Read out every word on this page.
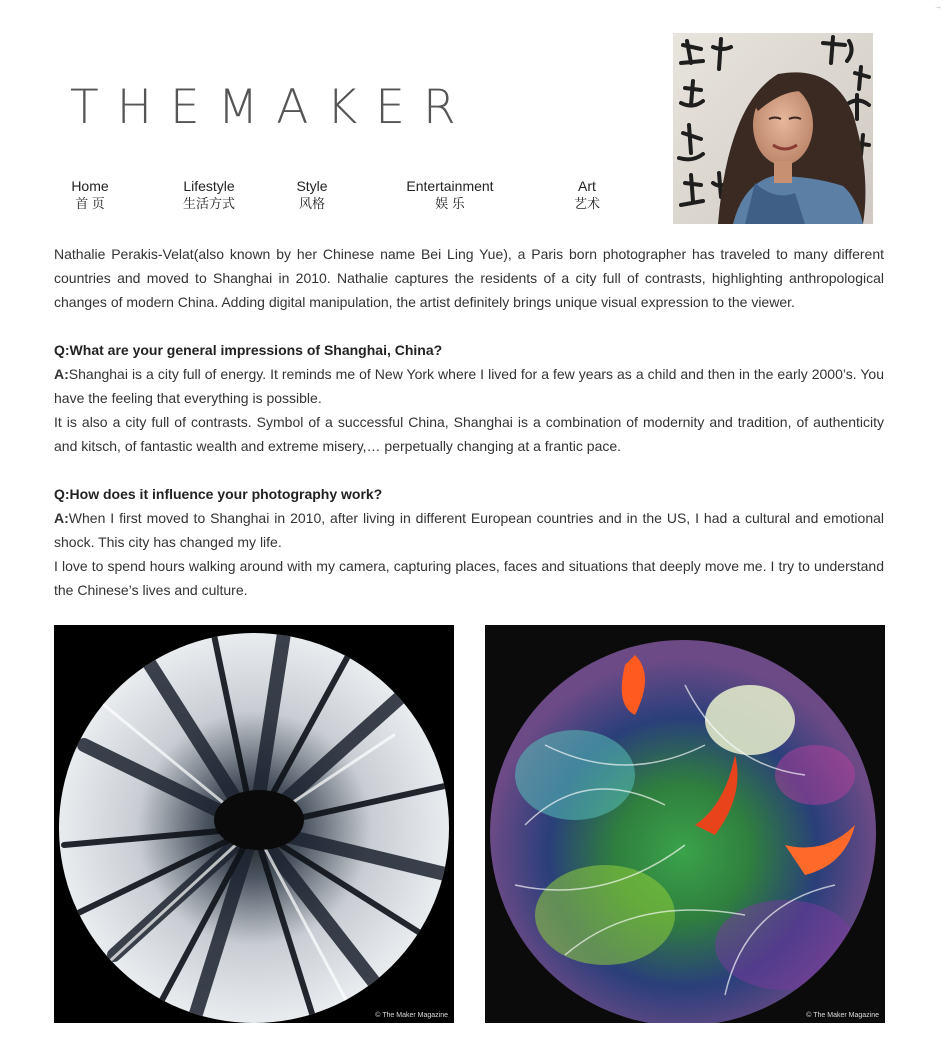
→
THEMAKER
Home
首 页
Lifestyle
生活方式
Style
风格
Entertainment
娱 乐
Art
艺术

Nathalie Perakis-Velat(also known by her Chinese name Bei Ling Yue), a Paris born photographer has traveled to many different countries and moved to Shanghai in 2010. Nathalie captures the residents of a city full of contrasts, highlighting anthropological changes of modern China. Adding digital manipulation, the artist definitely brings unique visual expression to the viewer.

Q:What are your general impressions of Shanghai, China?

A:Shanghai is a city full of energy. It reminds me of New York where I lived for a few years as a child and then in the early 2000’s. You have the feeling that everything is possible.

It is also a city full of contrasts. Symbol of a successful China, Shanghai is a combination of modernity and tradition, of authenticity and kitsch, of fantastic wealth and extreme misery,… perpetually changing at a frantic pace.

Q:How does it influence your photography work?

A:When I first moved to Shanghai in 2010, after living in different European countries and in the US, I had a cultural and emotional shock. This city has changed my life.

I love to spend hours walking around with my camera, capturing places, faces and situations that deeply move me. I try to understand the Chinese’s lives and culture.

© The Maker Magazine	© The Maker Magazine
